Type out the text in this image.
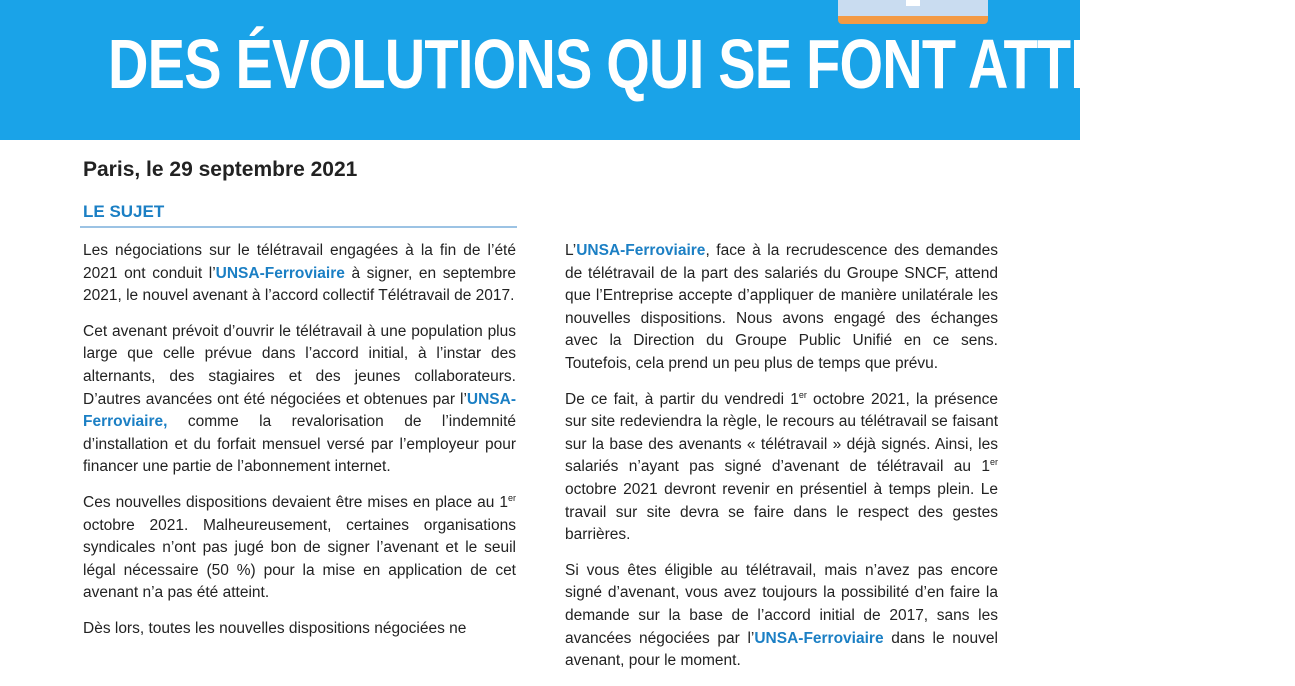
DES ÉVOLUTIONS QUI SE FONT ATTENDRE !
Paris, le 29 septembre 2021
LE SUJET

Les négociations sur le télétravail engagées à la fin de l’été 2021 ont conduit l’UNSA-Ferroviaire à signer, en septembre 2021, le nouvel avenant à l’accord collectif Télétravail de 2017.

Cet avenant prévoit d’ouvrir le télétravail à une population plus large que celle prévue dans l’accord initial, à l’instar des alternants, des stagiaires et des jeunes collaborateurs. D’autres avancées ont été négociées et obtenues par l’UNSA-Ferroviaire, comme la revalorisation de l’indemnité d’installation et du forfait mensuel versé par l’employeur pour financer une partie de l’abonnement internet.

Ces nouvelles dispositions devaient être mises en place au 1er octobre 2021. Malheureusement, certaines organisations syndicales n’ont pas jugé bon de signer l’avenant et le seuil légal nécessaire (50 %) pour la mise en application de cet avenant n’a pas été atteint.

Dès lors, toutes les nouvelles dispositions négociées ne

L’UNSA-Ferroviaire, face à la recrudescence des demandes de télétravail de la part des salariés du Groupe SNCF, attend que l’Entreprise accepte d’appliquer de manière unilatérale les nouvelles dispositions. Nous avons engagé des échanges avec la Direction du Groupe Public Unifié en ce sens. Toutefois, cela prend un peu plus de temps que prévu.

De ce fait, à partir du vendredi 1er octobre 2021, la présence sur site redeviendra la règle, le recours au télétravail se faisant sur la base des avenants « télétravail » déjà signés. Ainsi, les salariés n’ayant pas signé d’avenant de télétravail au 1er octobre 2021 devront revenir en présentiel à temps plein. Le travail sur site devra se faire dans le respect des gestes barrières.

Si vous êtes éligible au télétravail, mais n’avez pas encore signé d’avenant, vous avez toujours la possibilité d’en faire la demande sur la base de l’accord initial de 2017, sans les avancées négociées par l’UNSA-Ferroviaire dans le nouvel avenant, pour le moment.
